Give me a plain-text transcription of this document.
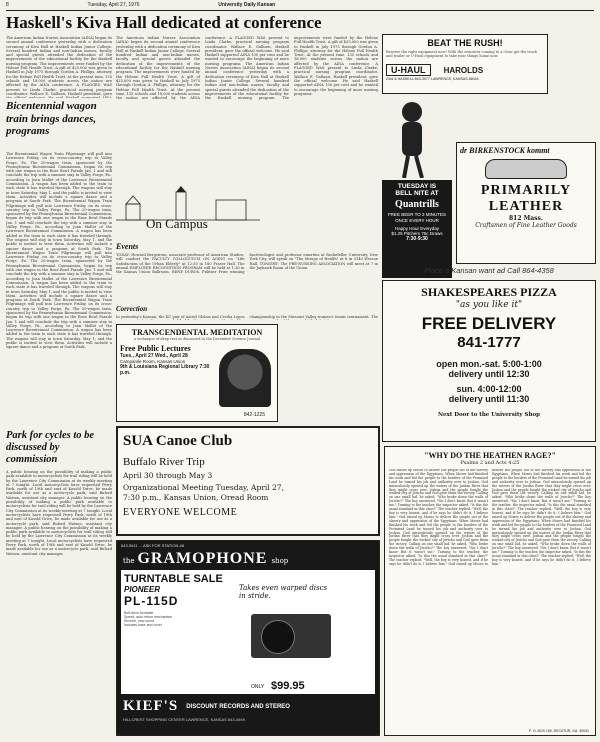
8	Tuesday, April 27, 1976	University Daily Kansan
Haskell's Kiva Hall dedicated at conference
The American Indian Nurses Association (AINA) began its second annual conference yesterday with a dedication ceremony of Kiva Hall at Haskell Indian Junior College. Several hundred Indian and non-Indian nurses, faculty and special guests attended the dedication of the improvements of the educational facility for the Haskell nursing program. The improvements were funded by the Helene Full Health Trust. A gift of $25,000 was given to Haskell in July 1975 through Gordon A. Phillips, attorney for the Helene Full Health Trust. At the present time, 135 schools and 18,000 students across the nation are affected by the AINA conference. A FLAGGED WAS present to Linda Clarke, practical nursing program coordinator. Wallace E. Galluzzi, Haskell president, gave
The American Indian Nurses Association (AINA) began its second annual conference yesterday with a dedication ceremony of Kiva Hall at Haskell Indian Junior College. Several hundred Indian and non-Indian nurses, faculty and special guests attended the dedication of the improvements of the educational facility for the Haskell nursing program. The improvements were funded by the Helene Full Health Trust. A gift of $25,000 was given to Haskell in July 1975 through Gordon A. Phillips, attorney for the Helene Full Health Trust. At the present time, 135 schools and 18,000 students across the nation are affected by the AINA conference. A FLAGGED WAS present to Linda Clarke, practical nursing program coordinator. Wallace E. Galluzzi, Haskell president, gave the official welcome. He said Haskell supported AINA 100 per cent and he wanted to encourage the beginning of more nursing programs. The American Indian Nurses Association (AINA) began its second annual conference yesterday with a dedication ceremony of Kiva Hall at Haskell Indian Junior College. Several hundred Indian and non-Indian nurses, faculty and special guests attended the dedication of the improvements of the educational facility for the Haskell nursing program. The improvements were funded by the Helene Full Health Trust. A gift of $25,000 was given to Haskell in July 1975 through Gordon A. Phillips, attorney for the Helene Full Health Trust. At the present time, 135 schools and 18,000 students across the nation are affected by the AINA conference. A FLAGGED WAS present to Linda Clarke, practical nursing program coordinator. Wallace E. Galluzzi, Haskell president, gave the official welcome. He said Haskell supported AINA 100 per cent and he wanted to encourage the beginning of more nursing programs.
Bicentennial wagon train brings dances, programs
The Bicentennial Wagon Train Pilgrimage will pull into Lawrence Friday, on its cross-country trip to Valley Forge, Pa. The 20-wagon train, sponsored by the Pennsylvania Bicentennial Commission, began its trip with one wagon in the Rose Bowl Parade Jan. 1 and will conclude the trip with a summer stay in Valley Forge, Pa., according to Joan Mallet of the Lawrence Bicentennial Commission. A wagon has been added to the train to each state it has traveled through. The wagons will stay in town Saturday, May 1, and the public is invited to view them. Activities will include a square dance and a program at South Park. The Bicentennial Wagon Train Pilgrimage will pull into Lawrence Friday, on its cross-country trip to Valley Forge, Pa. The 20-wagon train, sponsored by the Pennsylvania Bicentennial Commission, began its trip with one wagon in the Rose Bowl Parade Jan. 1 and will conclude the trip with a summer stay in Valley Forge, Pa., according to Joan Mallet of the Lawrence Bicentennial Commission. A wagon has been added to the train to each state it has traveled through. The wagons will stay in town Saturday, May 1, and the public is invited to view them. Activities will include a square dance and a program at South Park. The Bicentennial Wagon Train Pilgrimage will pull into Lawrence Friday, on its cross-country trip to Valley Forge, Pa. The 20-wagon train, sponsored by the Pennsylvania Bicentennial Commission, began its trip with one wagon in the Rose Bowl Parade Jan. 1 and will conclude the trip with a summer stay in Valley Forge, Pa., according to Joan Mallet of the Lawrence Bicentennial Commission. A wagon has been added to the train to each state it has traveled through. The wagons will stay in town Saturday, May 1, and the public is invited to view them. Activities will include a square dance and a program at South Park. The Bicentennial Wagon Train Pilgrimage will pull into Lawrence Friday, on its cross-country trip to Valley Forge, Pa. The 20-wagon train, sponsored by the Pennsylvania Bicentennial Commission, began its trip with one wagon in the Rose Bowl Parade Jan. 1 and will conclude the trip with a summer stay in Valley Forge, Pa., according to Joan Mallet of the Lawrence Bicentennial Commission. A wagon has been added to the train to each state it has traveled through. The wagons will stay in town Saturday, May 1, and the public is invited to view them. Activities will include a square dance and a program at South Park.
On Campus
Events
TODAY: Howard Bergstrom, associate professor of American Studies, will conduct the FACULTY COLLOQUIUM ON AGING on "Life Satisfaction of the Urban Elderly" at 12:30 in 180 Fraser Hall. The annual EMPLOYEE RECOGNITION PROGRAM will be held at 1:30 in the Kansas Union Ballroom. RENE DUBOS, Pulitzer Prize winning bacteriologist and professor emeritus at Rockefeller University, New York City, will speak on "The Mirage of Health" at 8 in 3140 Wescoe Hall. TONIGHT: The PRE-NURSING ASSOCIATION will meet at 7 in the Jayhawk Room of the Union.
Correction
In yesterday's Kansan, the KU pair of Astrid Globus and Cecilia Lopez championship in the Missouri Valley women's tennis tournament. The
TRANSCENDENTAL MEDITATION
a technique of deep rest as discussed in the December Science Journal
Free Public Lectures
Tues., April 27 Wed., April 28
Campanile Room, Kansas Union
9th & Louisiana Regional Library 7:30 p.m.
842-1225
Park for cycles to be discussed by commission
A public hearing on the possibility of making a public park available to motorcyclists for trail riding will be held by the Lawrence City Commission at its weekly meeting at 7 tonight. Local motorcyclists have requested Perry Park, north of 19th and east of Kasold Drive, be made available for use as a motorcycle park, said Buford Watson, assistant city manager. A public hearing on the possibility of making a public park available to motorcyclists for trail riding will be held by the Lawrence City Commission at its weekly meeting at 7 tonight. Local motorcyclists have requested Perry Park, north of 19th and east of Kasold Drive, be made available for use as a motorcycle park, said Buford Watson, assistant city manager. A public hearing on the possibility of making a public park available to motorcyclists for trail riding will be held by the Lawrence City Commission at its weekly meeting at 7 tonight. Local motorcyclists have requested Perry Park, north of 19th and east of Kasold Drive, be made available for use as a motorcycle park, said Buford Watson, assistant city manager.
SUA Canoe Club
Buffalo River Trip
April 30 through May 3
Organizational Meeting Tuesday, April 27, 7:30 p.m., Kansas Union, Oread Room
EVERYONE WELCOME
843-5611 ... ASK FOR STATION #8
the GRAMOPHONE shop
TURNTABLE SALE
PIONEER
PL-115D
Takes even warped discs in stride.
Belt-drive turntable
Speed, auto-return mechanism
Smooth, new wood
Includes base and cover
ONLY $99.95
KIEF'S DISCOUNT RECORDS AND STEREO
HILLCREST SHOPPING CENTER LAWRENCE, KANSAS 843-4949
BEAT THE RUSH!
Reserve the right equipment now! With the semester coming to a close get the truck and trailer or U-Haul equipment to take your things home now.
U-HAUL HAROLDS
23rd & HASKELL 843-3977 LAWRENCE, KANSAS 66044
TUESDAY IS
BELL NITE AT
Quantrills
FREE BEER TO 3 MINUTES ONCE EVERY HOUR
Happy Hour Everyday
$1.25 Pitchers 75c Draws
7:30-9:30
dr BIRKENSTOCK kommt
PRIMARILY
LEATHER
812 Mass.
Craftsmen of Fine Leather Goods
Place a Kansan want ad Call 864-4358
SHAKESPEARES PIZZA
"as you like it"
FREE DELIVERY
841-1777
open mon.-sat. 5:00-1:00
delivery until 12:30
sun. 4:00-12:00
delivery until 11:30
Next Door to the University Shop
"WHY DO THE HEATHEN RAGE?"
Psalms 2 and Acts 4:25
God raised up Moses to deliver His people out of the slavery and oppression of the Egyptians. When Moses had finished his work and led the people to the borders of the Promised Land he turned his job and authority over to Joshua. God miraculously opened up the waters of the Jordan River that they might cross over. Joshua and the people fought the wicked city of Jericho and God gave them the victory. Calling on one small lad, he asked, "Who broke down the walls of Jericho?" The boy answered, "Sir, I don't know. But it wasn't me." Turning to the teacher, the inspector asked, "Is this the usual standard in this class?" The teacher replied, "Well, the boy is very honest, and if he says he didn't do it, I believe him." God raised up Moses to deliver His people out of the slavery and oppression of the Egyptians. When Moses had finished his work and led the people to the borders of the Promised Land he turned his job and authority over to Joshua. God miraculously opened up the waters of the Jordan River that they might cross over. Joshua and the people fought the wicked city of Jericho and God gave them the victory. Calling on one small lad, he asked, "Who broke down the walls of Jericho?" The boy answered, "Sir, I don't know. But it wasn't me." Turning to the teacher, the inspector asked, "Is this the usual standard in this class?" The teacher replied, "Well, the boy is very honest, and if he says he didn't do it, I believe him." God raised up Moses to deliver His people out of the slavery and oppression of the Egyptians. When Moses had finished his work and led the people to the borders of the Promised Land he turned his job and authority over to Joshua. God miraculously opened up the waters of the Jordan River that they might cross over. Joshua and the people fought the wicked city of Jericho and God gave them the victory. Calling on one small lad, he asked, "Who broke down the walls of Jericho?" The boy answered, "Sir, I don't know. But it wasn't me." Turning to the teacher, the inspector asked, "Is this the usual standard in this class?" The teacher replied, "Well, the boy is very honest, and if he says he didn't do it, I believe him." God raised up Moses to deliver His people out of the slavery and oppression of the Egyptians. When Moses had finished his work and led the people to the borders of the Promised Land he turned his job and authority over to Joshua. God miraculously opened up the waters of the Jordan River that they might cross over. Joshua and the people fought the wicked city of Jericho and God gave them the victory. Calling on one small lad, he asked, "Who broke down the walls of Jericho?" The boy answered, "Sir, I don't know. But it wasn't me." Turning to the teacher, the inspector asked, "Is this the usual standard in this class?" The teacher replied, "Well, the boy is very honest, and if he says he didn't do it, I believe him."
P. O. BOX 155, DECATUR, GA. 30031
